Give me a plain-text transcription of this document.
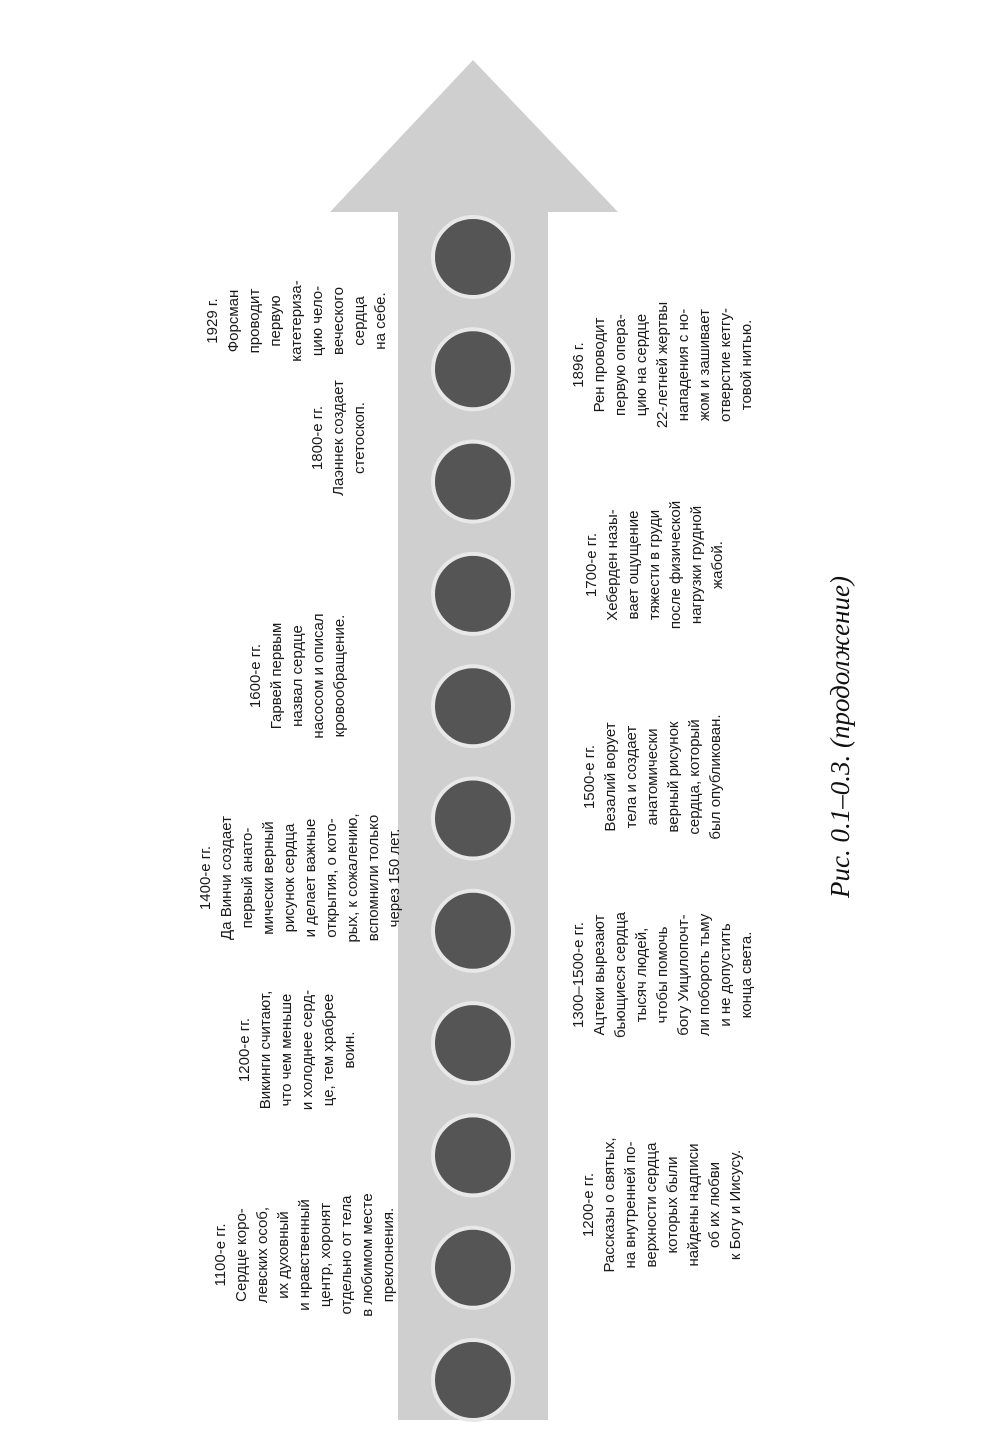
1100-е гг.
Сердце коро-
левских особ,
их духовный
и нравственный
центр, хоронят
отдельно от тела
в любимом месте
преклонения.
1200-е гг.
Викинги считают,
что чем меньше
и холоднее серд-
це, тем храбрее
воин.
1400-е гг.
Да Винчи создает
первый анато-
мически верный
рисунок сердца
и делает важные
открытия, о кото-
рых, к сожалению,
вспомнили только
через 150 лет.
1600-е гг.
Гарвей первым
назвал сердце
насосом и описал
кровообращение.
1800-е гг.
Лаэннек создает
стетоскоп.
1929 г.
Форсман
проводит
первую
катетериза-
цию чело-
веческого
сердца
на себе.
1200-е гг.
Рассказы о святых,
на внутренней по-
верхности сердца
которых были
найдены надписи
об их любви
к Богу и Иисусу.
1300–1500-е гг.
Ацтеки вырезают
бьющиеся сердца
тысяч людей,
чтобы помочь
богу Уицилопочт-
ли побороть тьму
и не допустить
конца света.
1500-е гг.
Везалий ворует
тела и создает
анатомически
верный рисунок
сердца, который
был опубликован.
1700-е гг.
Хеберден назы-
вает ощущение
тяжести в груди
после физической
нагрузки грудной
жабой.
1896 г.
Рен проводит
первую опера-
цию на сердце
22-летней жертвы
нападения с но-
жом и зашивает
отверстие кетгу-
товой нитью.
Рис. 0.1–0.3. (продолжение)
